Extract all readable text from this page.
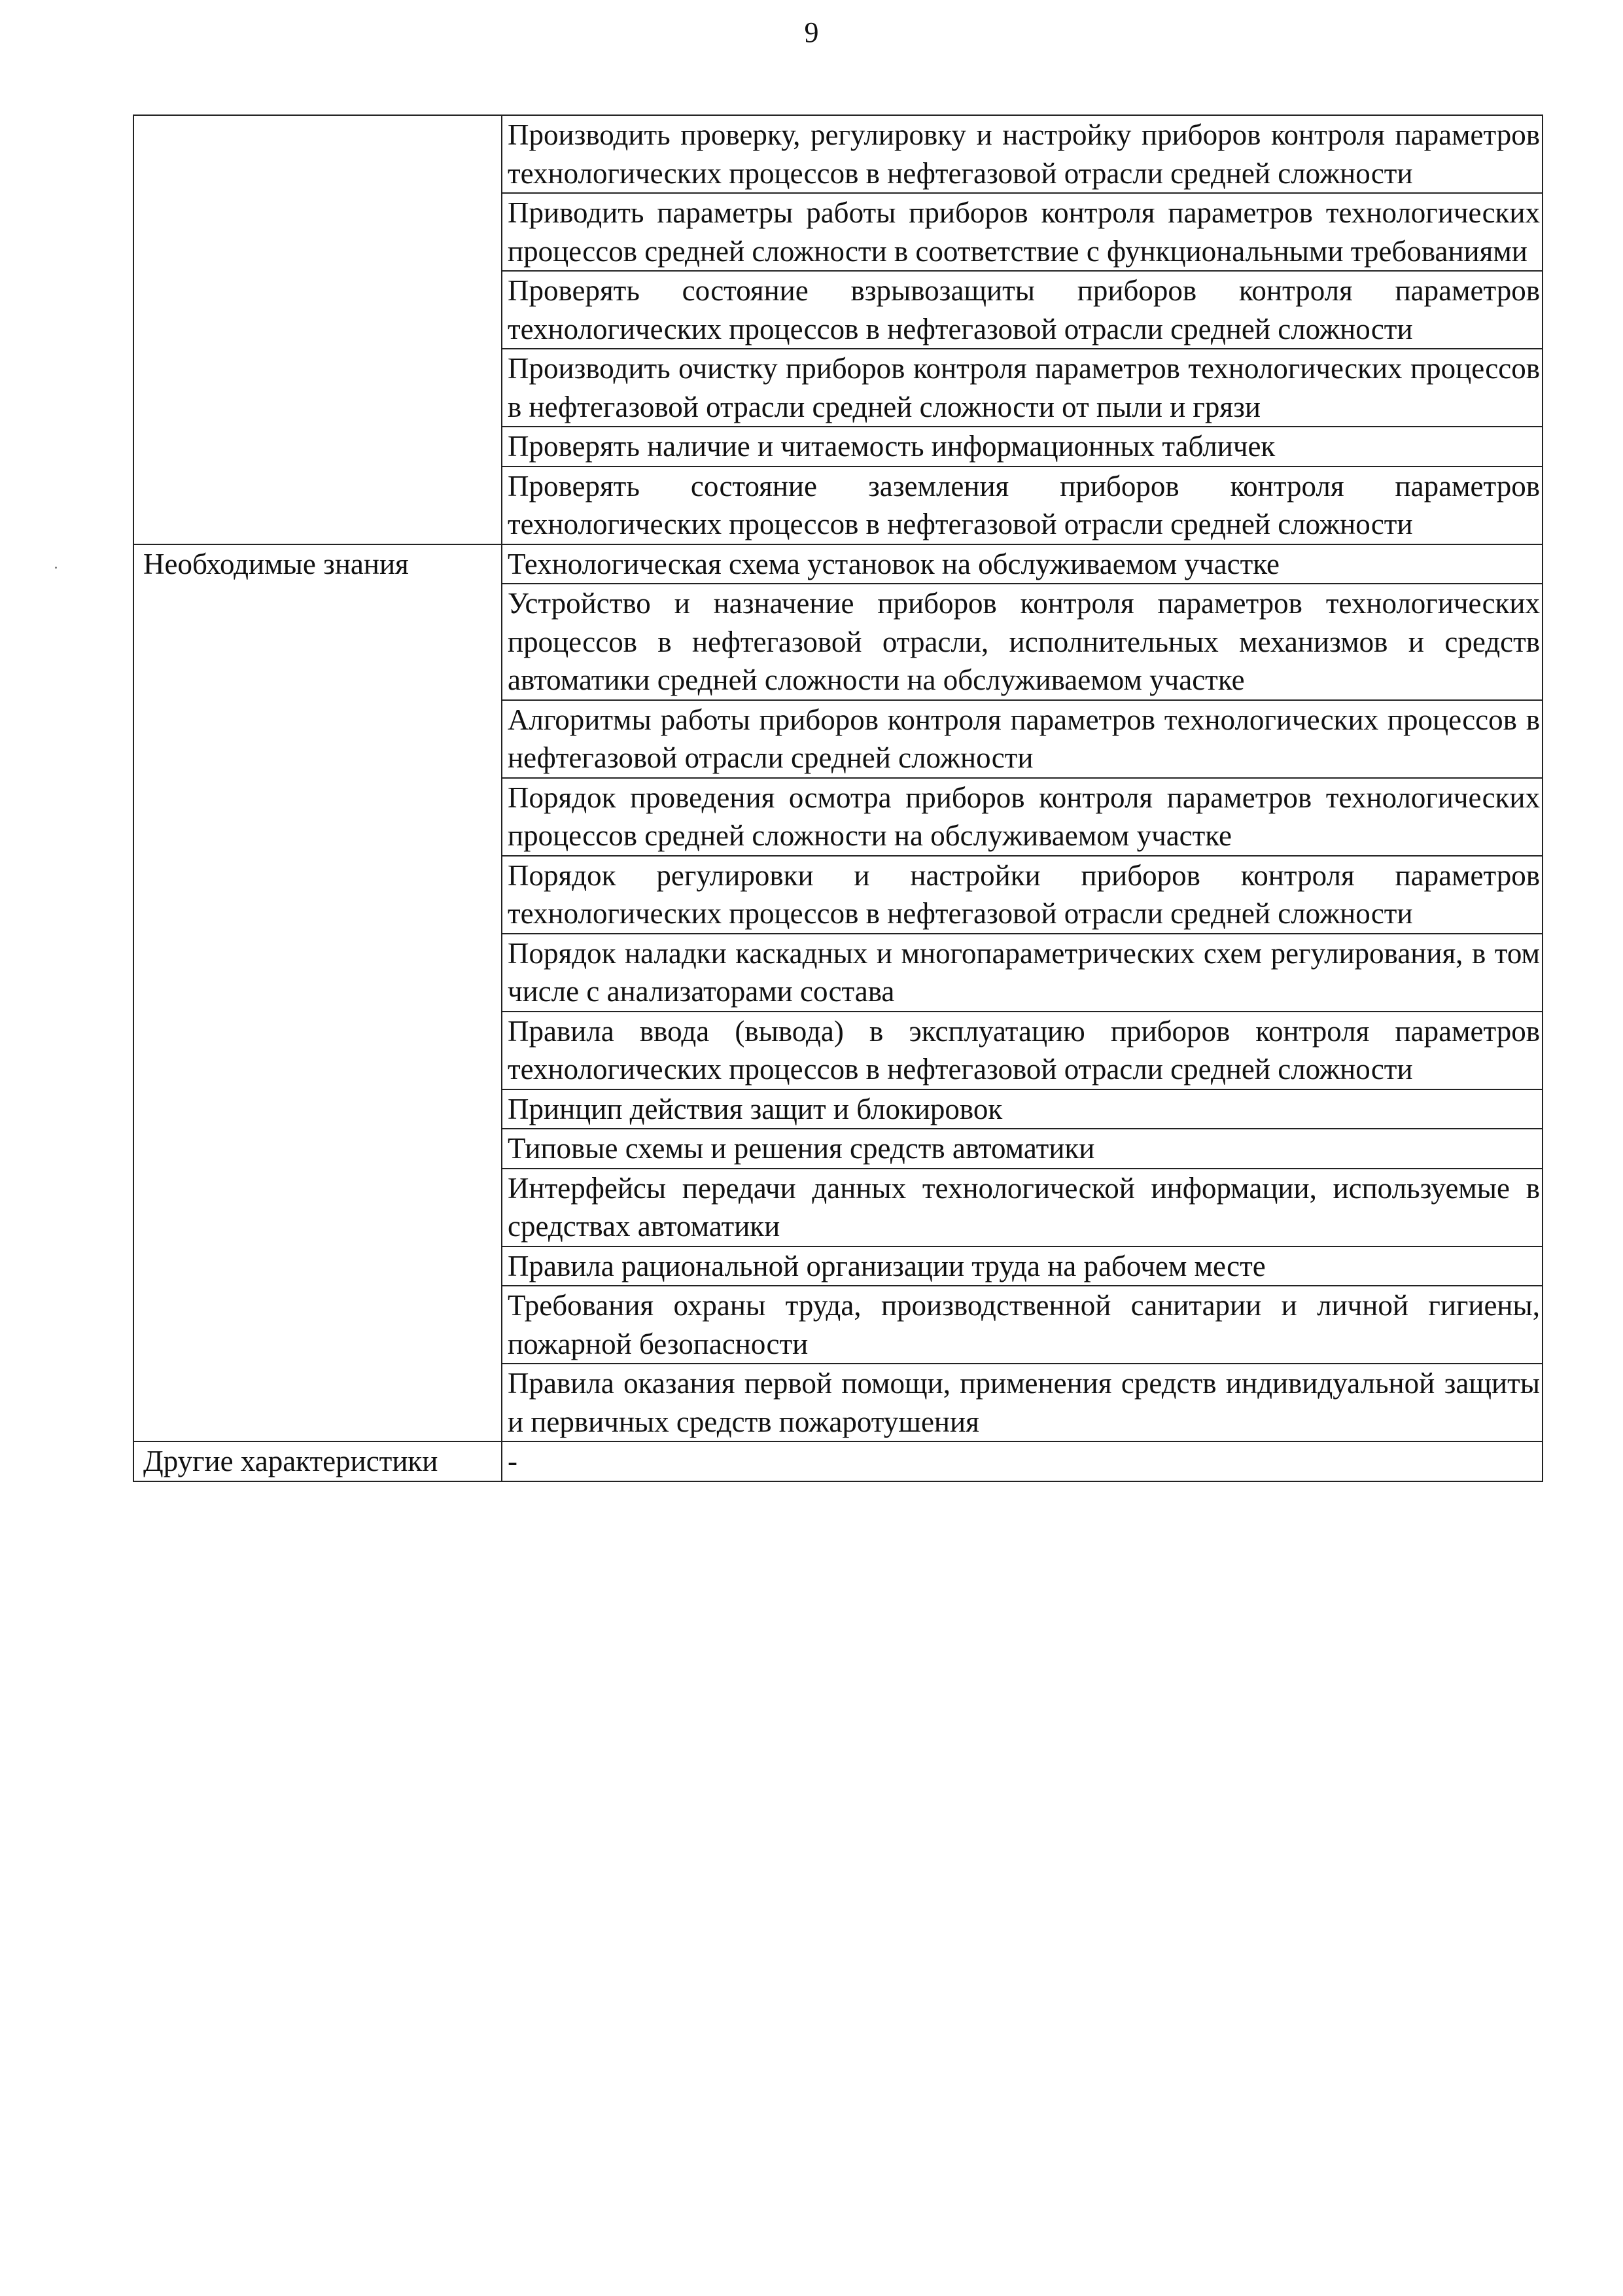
9
	Производить проверку, регулировку и настройку приборов контроля параметров технологических процессов в нефтегазовой отрасли средней сложности
	Приводить параметры работы приборов контроля параметров технологических процессов средней сложности в соответствие с функциональными требованиями
	Проверять состояние взрывозащиты приборов контроля параметров технологических процессов в нефтегазовой отрасли средней сложности
	Производить очистку приборов контроля параметров технологических процессов в нефтегазовой отрасли средней сложности от пыли и грязи
	Проверять наличие и читаемость информационных табличек
	Проверять состояние заземления приборов контроля параметров технологических процессов в нефтегазовой отрасли средней сложности
Необходимые знания	Технологическая схема установок на обслуживаемом участке
	Устройство и назначение приборов контроля параметров технологических процессов в нефтегазовой отрасли, исполнительных механизмов и средств автоматики средней сложности на обслуживаемом участке
	Алгоритмы работы приборов контроля параметров технологических процессов в нефтегазовой отрасли средней сложности
	Порядок проведения осмотра приборов контроля параметров технологических процессов средней сложности на обслуживаемом участке
	Порядок регулировки и настройки приборов контроля параметров технологических процессов в нефтегазовой отрасли средней сложности
	Порядок наладки каскадных и многопараметрических схем регулирования, в том числе с анализаторами состава
	Правила ввода (вывода) в эксплуатацию приборов контроля параметров технологических процессов в нефтегазовой отрасли средней сложности
	Принцип действия защит и блокировок
	Типовые схемы и решения средств автоматики
	Интерфейсы передачи данных технологической информации, используемые в средствах автоматики
	Правила рациональной организации труда на рабочем месте
	Требования охраны труда, производственной санитарии и личной гигиены, пожарной безопасности
	Правила оказания первой помощи, применения средств индивидуальной защиты и первичных средств пожаротушения
Другие характеристики	-
